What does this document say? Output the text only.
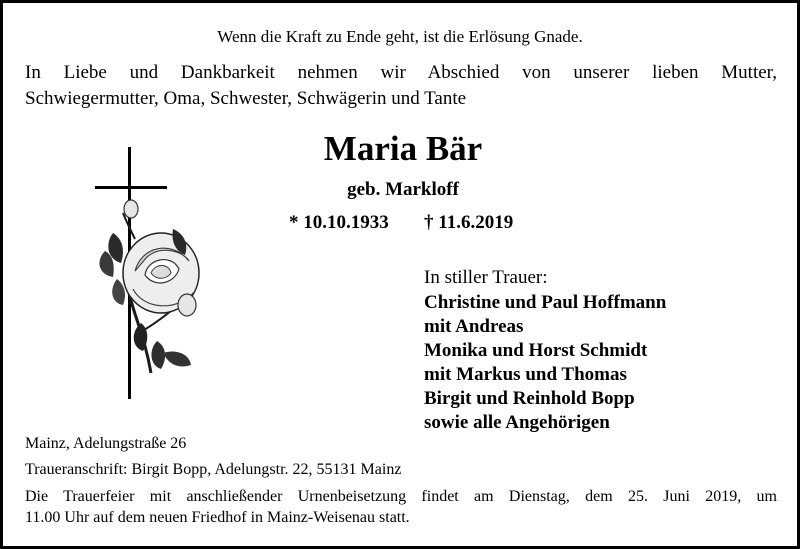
Wenn die Kraft zu Ende geht, ist die Erlösung Gnade.
In Liebe und Dankbarkeit nehmen wir Abschied von unserer lieben Mutter,
Schwiegermutter, Oma, Schwester, Schwägerin und Tante
Maria Bär
geb. Markloff
* 10.10.1933 † 11.6.2019
In stiller Trauer:
Christine und Paul Hoffmann
mit Andreas
Monika und Horst Schmidt
mit Markus und Thomas
Birgit und Reinhold Bopp
sowie alle Angehörigen
Mainz, Adelungstraße 26
Traueranschrift: Birgit Bopp, Adelungstr. 22, 55131 Mainz
Die Trauerfeier mit anschließender Urnenbeisetzung findet am Dienstag, dem 25. Juni 2019, um
11.00 Uhr auf dem neuen Friedhof in Mainz-Weisenau statt.
